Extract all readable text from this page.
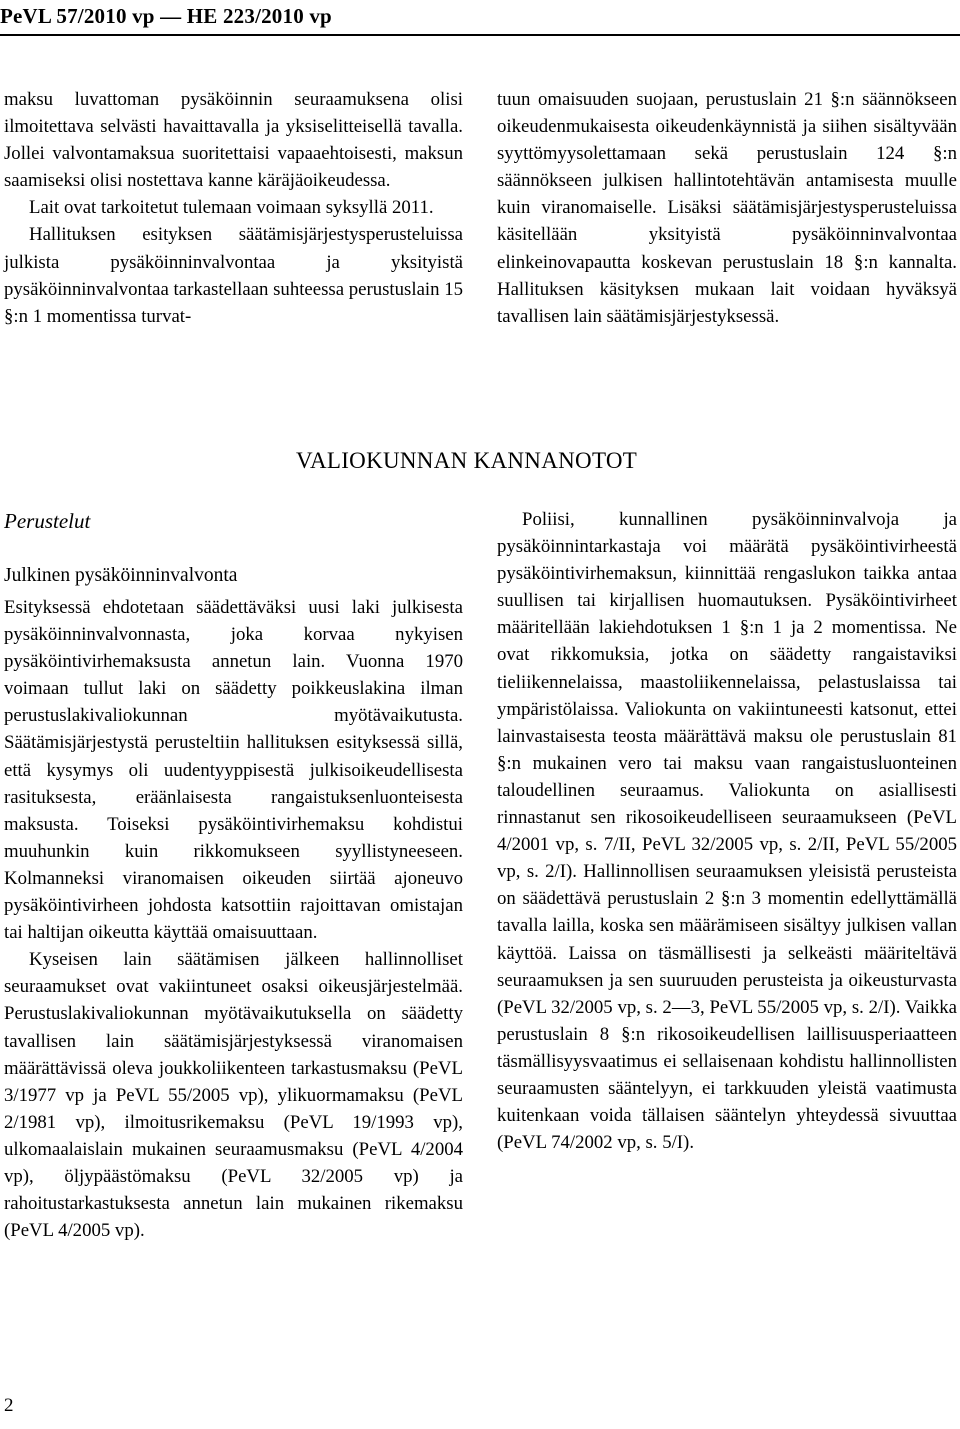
PeVL 57/2010 vp — HE 223/2010 vp

maksu luvattoman pysäköinnin seuraamuksena olisi ilmoitettava selvästi havaittavalla ja yksiselitteisellä tavalla. Jollei valvontamaksua suoritettaisi vapaaehtoisesti, maksun saamiseksi olisi nostettava kanne käräjäoikeudessa.

Lait ovat tarkoitetut tulemaan voimaan syksyllä 2011.

Hallituksen esityksen säätämisjärjestysperusteluissa julkista pysäköinninvalvontaa ja yksityistä pysäköinninvalvontaa tarkastellaan suhteessa perustuslain 15 §:n 1 momentissa turvat-

tuun omaisuuden suojaan, perustuslain 21 §:n säännökseen oikeudenmukaisesta oikeudenkäynnistä ja siihen sisältyvään syyttömyysolettamaan sekä perustuslain 124 §:n säännökseen julkisen hallintotehtävän antamisesta muulle kuin viranomaiselle. Lisäksi säätämisjärjestysperusteluissa käsitellään yksityistä pysäköinninvalvontaa elinkeinovapautta koskevan perustuslain 18 §:n kannalta. Hallituksen käsityksen mukaan lait voidaan hyväksyä tavallisen lain säätämisjärjestyksessä.

VALIOKUNNAN KANNANOTOT

Perustelut

Julkinen pysäköinninvalvonta

Esityksessä ehdotetaan säädettäväksi uusi laki julkisesta pysäköinninvalvonnasta, joka korvaa nykyisen pysäköintivirhemaksusta annetun lain. Vuonna 1970 voimaan tullut laki on säädetty poikkeuslakina ilman perustuslakivaliokunnan myötävaikutusta. Säätämisjärjestystä perusteltiin hallituksen esityksessä sillä, että kysymys oli uudentyyppisestä julkisoikeudellisesta rasituksesta, eräänlaisesta rangaistuksenluonteisesta maksusta. Toiseksi pysäköintivirhemaksu kohdistui muuhunkin kuin rikkomukseen syyllistyneeseen. Kolmanneksi viranomaisen oikeuden siirtää ajoneuvo pysäköintivirheen johdosta katsottiin rajoittavan omistajan tai haltijan oikeutta käyttää omaisuuttaan.

Kyseisen lain säätämisen jälkeen hallinnolliset seuraamukset ovat vakiintuneet osaksi oikeusjärjestelmää. Perustuslakivaliokunnan myötävaikutuksella on säädetty tavallisen lain säätämisjärjestyksessä viranomaisen määrättävissä oleva joukkoliikenteen tarkastusmaksu (PeVL 3/1977 vp ja PeVL 55/2005 vp), ylikuormamaksu (PeVL 2/1981 vp), ilmoitusrikemaksu (PeVL 19/1993 vp), ulkomaalaislain mukainen seuraamusmaksu (PeVL 4/2004 vp), öljypäästömaksu (PeVL 32/2005 vp) ja rahoitustarkastuksesta annetun lain mukainen rikemaksu (PeVL 4/2005 vp).

Poliisi, kunnallinen pysäköinninvalvoja ja pysäköinnintarkastaja voi määrätä pysäköintivirheestä pysäköintivirhemaksun, kiinnittää rengaslukon taikka antaa suullisen tai kirjallisen huomautuksen. Pysäköintivirheet määritellään lakiehdotuksen 1 §:n 1 ja 2 momentissa. Ne ovat rikkomuksia, jotka on säädetty rangaistaviksi tieliikennelaissa, maastoliikennelaissa, pelastuslaissa tai ympäristölaissa. Valiokunta on vakiintuneesti katsonut, ettei lainvastaisesta teosta määrättävä maksu ole perustuslain 81 §:n mukainen vero tai maksu vaan rangaistusluonteinen taloudellinen seuraamus. Valiokunta on asiallisesti rinnastanut sen rikosoikeudelliseen seuraamukseen (PeVL 4/2001 vp, s. 7/II, PeVL 32/2005 vp, s. 2/II, PeVL 55/2005 vp, s. 2/I). Hallinnollisen seuraamuksen yleisistä perusteista on säädettävä perustuslain 2 §:n 3 momentin edellyttämällä tavalla lailla, koska sen määrämiseen sisältyy julkisen vallan käyttöä. Laissa on täsmällisesti ja selkeästi määriteltävä seuraamuksen ja sen suuruuden perusteista ja oikeusturvasta (PeVL 32/2005 vp, s. 2—3, PeVL 55/2005 vp, s. 2/I). Vaikka perustuslain 8 §:n rikosoikeudellisen laillisuusperiaatteen täsmällisyysvaatimus ei sellaisenaan kohdistu hallinnollisten seuraamusten sääntelyyn, ei tarkkuuden yleistä vaatimusta kuitenkaan voida tällaisen sääntelyn yhteydessä sivuuttaa (PeVL 74/2002 vp, s. 5/I).

2
